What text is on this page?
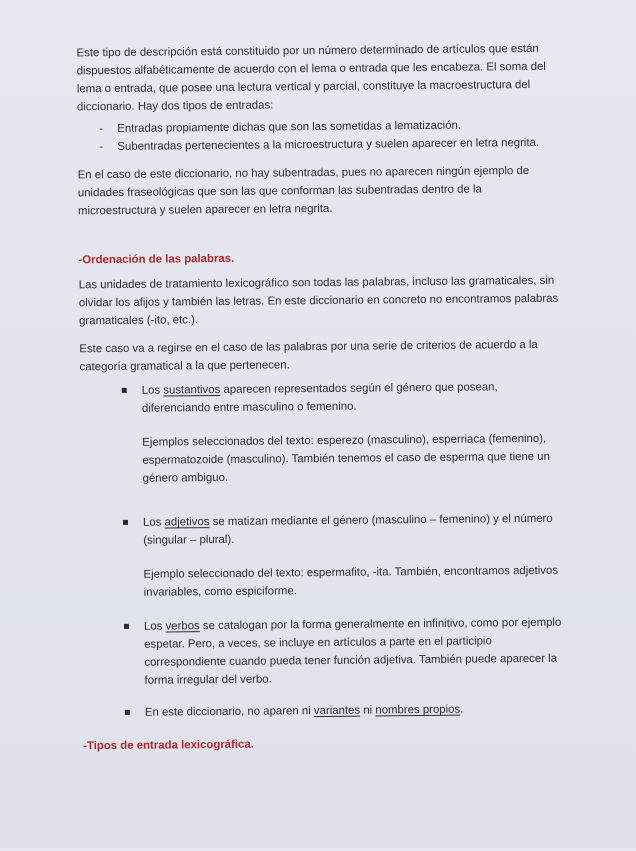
Este tipo de descripción está constituido por un número determinado de artículos que están dispuestos alfabéticamente de acuerdo con el lema o entrada que les encabeza. El soma del lema o entrada, que posee una lectura vertical y parcial, constituye la macroestructura del diccionario. Hay dos tipos de entradas:

- Entradas propiamente dichas que son las sometidas a lematización.
- Subentradas pertenecientes a la microestructura y suelen aparecer en letra negrita.

En el caso de este diccionario, no hay subentradas, pues no aparecen ningún ejemplo de unidades fraseológicas que son las que conforman las subentradas dentro de la microestructura y suelen aparecer en letra negrita.

-Ordenación de las palabras.

Las unidades de tratamiento lexicográfico son todas las palabras, incluso las gramaticales, sin olvidar los afijos y también las letras. En este diccionario en concreto no encontramos palabras gramaticales (-ito, etc.).

Este caso va a regirse en el caso de las palabras por una serie de criterios de acuerdo a la categoría gramatical a la que pertenecen.

Los sustantivos aparecen representados según el género que posean, diferenciando entre masculino o femenino.

Ejemplos seleccionados del texto: esperezo (masculino), esperriaca (femenino), espermatozoide (masculino). También tenemos el caso de esperma que tiene un género ambiguo.

Los adjetivos se matizan mediante el género (masculino – femenino) y el número (singular – plural).

Ejemplo seleccionado del texto: espermafito, -ita. También, encontramos adjetivos invariables, como espiciforme.

Los verbos se catalogan por la forma generalmente en infinitivo, como por ejemplo espetar. Pero, a veces, se incluye en artículos a parte en el participio correspondiente cuando pueda tener función adjetiva. También puede aparecer la forma irregular del verbo.

En este diccionario, no aparen ni variantes ni nombres propios.

-Tipos de entrada lexicográfica.
